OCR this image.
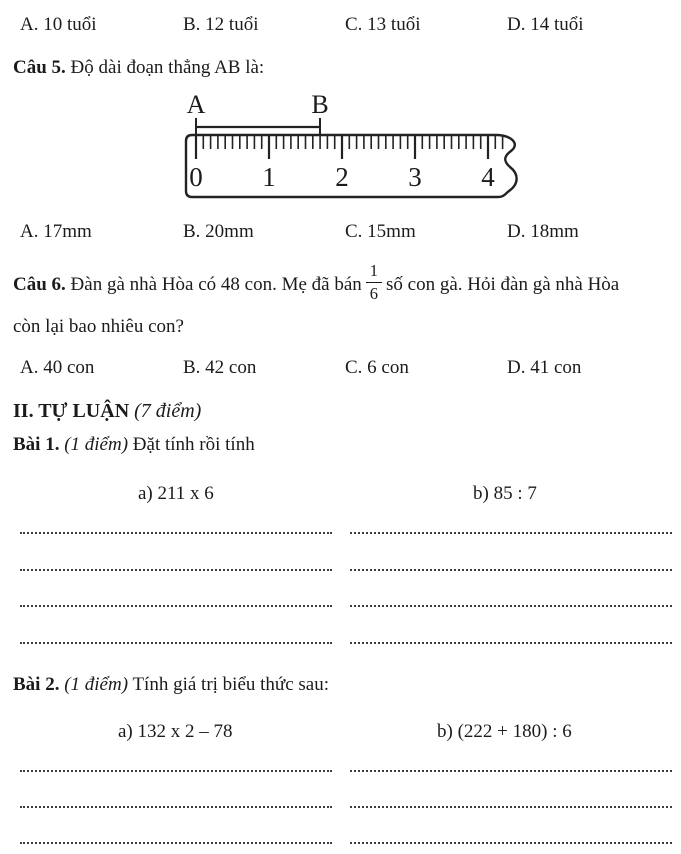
A. 10 tuổi	B. 12 tuổi	C. 13 tuổi	D. 14 tuổi
Câu 5. Độ dài đoạn thẳng AB là:
A	B
0 1 2 3 4
A. 17mm	B. 20mm	C. 15mm	D. 18mm
Câu 6. Đàn gà nhà Hòa có 48 con. Mẹ đã bán $\frac{1}{6}$ số con gà. Hỏi đàn gà nhà Hòa
còn lại bao nhiêu con?
A. 40 con	B. 42 con	C. 6 con	D. 41 con
II. TỰ LUẬN (7 điểm)
Bài 1. (1 điểm) Đặt tính rồi tính
a) 211 x 6	b) 85 : 7
Bài 2. (1 điểm) Tính giá trị biểu thức sau:
a) 132 x 2 – 78	b) (222 + 180) : 6
